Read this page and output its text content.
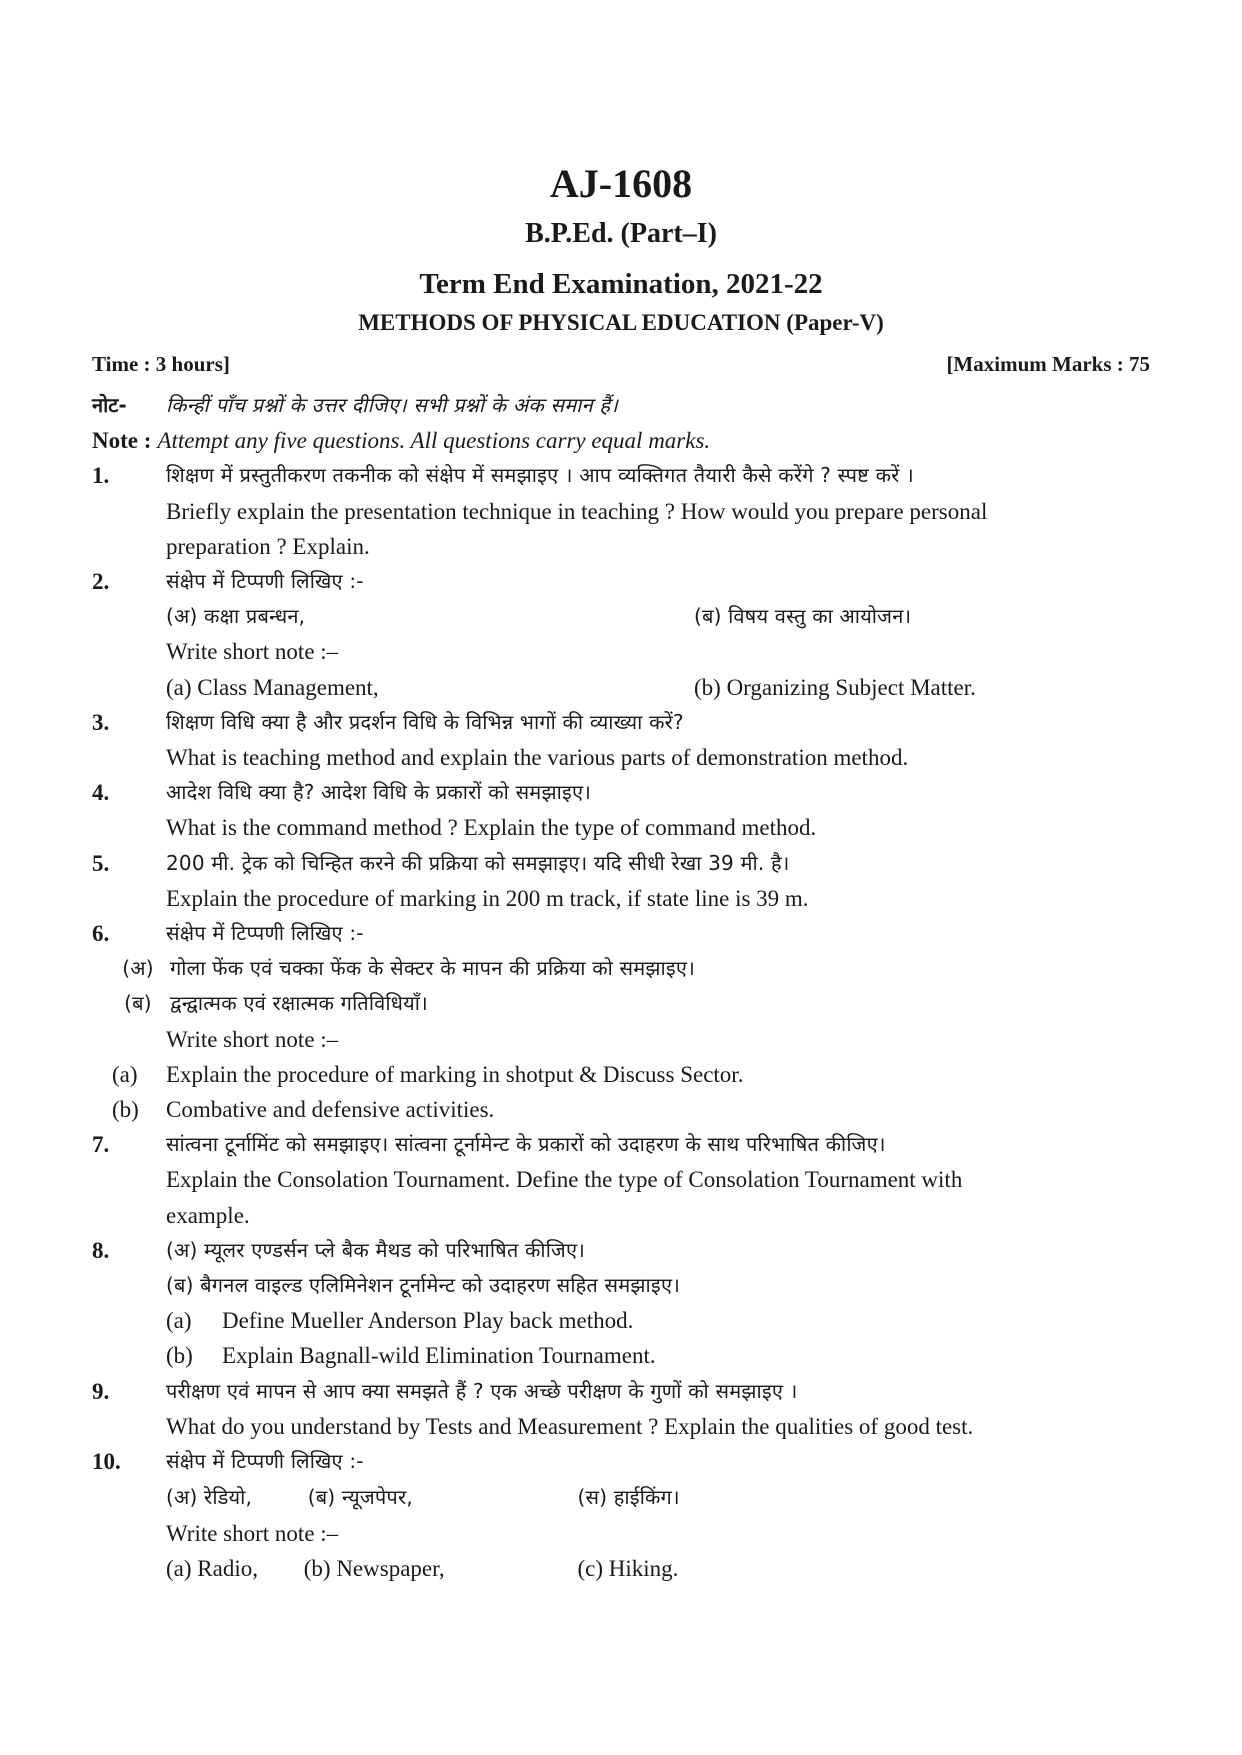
AJ-1608
B.P.Ed. (Part–I)
Term End Examination, 2021-22
METHODS OF PHYSICAL EDUCATION (Paper-V)
Time : 3 hours]	[Maximum Marks : 75
नोट-	किन्हीं पाँच प्रश्नों के उत्तर दीजिए। सभी प्रश्नों के अंक समान हैं।
Note : Attempt any five questions. All questions carry equal marks.
1.	शिक्षण में प्रस्तुतीकरण तकनीक को संक्षेप में समझाइए । आप व्यक्तिगत तैयारी कैसे करेंगे ? स्पष्ट करें ।
Briefly explain the presentation technique in teaching ? How would you prepare personal
preparation ? Explain.
2.	संक्षेप में टिप्पणी लिखिए :-
(अ) कक्षा प्रबन्धन,	(ब) विषय वस्तु का आयोजन।
Write short note :–
(a) Class Management,	(b) Organizing Subject Matter.
3.	शिक्षण विधि क्या है और प्रदर्शन विधि के विभिन्न भागों की व्याख्या करें?
What is teaching method and explain the various parts of demonstration method.
4.	आदेश विधि क्या है? आदेश विधि के प्रकारों को समझाइए।
What is the command method ? Explain the type of command method.
5.	200 मी. ट्रेक को चिन्हित करने की प्रक्रिया को समझाइए। यदि सीधी रेखा 39 मी. है।
Explain the procedure of marking in 200 m track, if state line is 39 m.
6.	संक्षेप में टिप्पणी लिखिए :-
(अ) गोला फेंक एवं चक्का फेंक के सेक्टर के मापन की प्रक्रिया को समझाइए।
(ब) द्वन्द्वात्मक एवं रक्षात्मक गतिविधियाँ।
Write short note :–
(a)	Explain the procedure of marking in shotput & Discuss Sector.
(b)	Combative and defensive activities.
7.	सांत्वना टूर्नामिंट को समझाइए। सांत्वना टूर्नामेन्ट के प्रकारों को उदाहरण के साथ परिभाषित कीजिए।
Explain the Consolation Tournament. Define the type of Consolation Tournament with
example.
8.	(अ) म्यूलर एण्डर्सन प्ले बैक मैथड को परिभाषित कीजिए।
(ब) बैगनल वाइल्ड एलिमिनेशन टूर्नामेन्ट को उदाहरण सहित समझाइए।
(a)	Define Mueller Anderson Play back method.
(b)	Explain Bagnall-wild Elimination Tournament.
9.	परीक्षण एवं मापन से आप क्या समझते हैं ? एक अच्छे परीक्षण के गुणों को समझाइए ।
What do you understand by Tests and Measurement ? Explain the qualities of good test.
10.	संक्षेप में टिप्पणी लिखिए :-
(अ) रेडियो,	(ब) न्यूजपेपर,	(स) हाईकिंग।
Write short note :–
(a) Radio, (b) Newspaper,	(c) Hiking.
